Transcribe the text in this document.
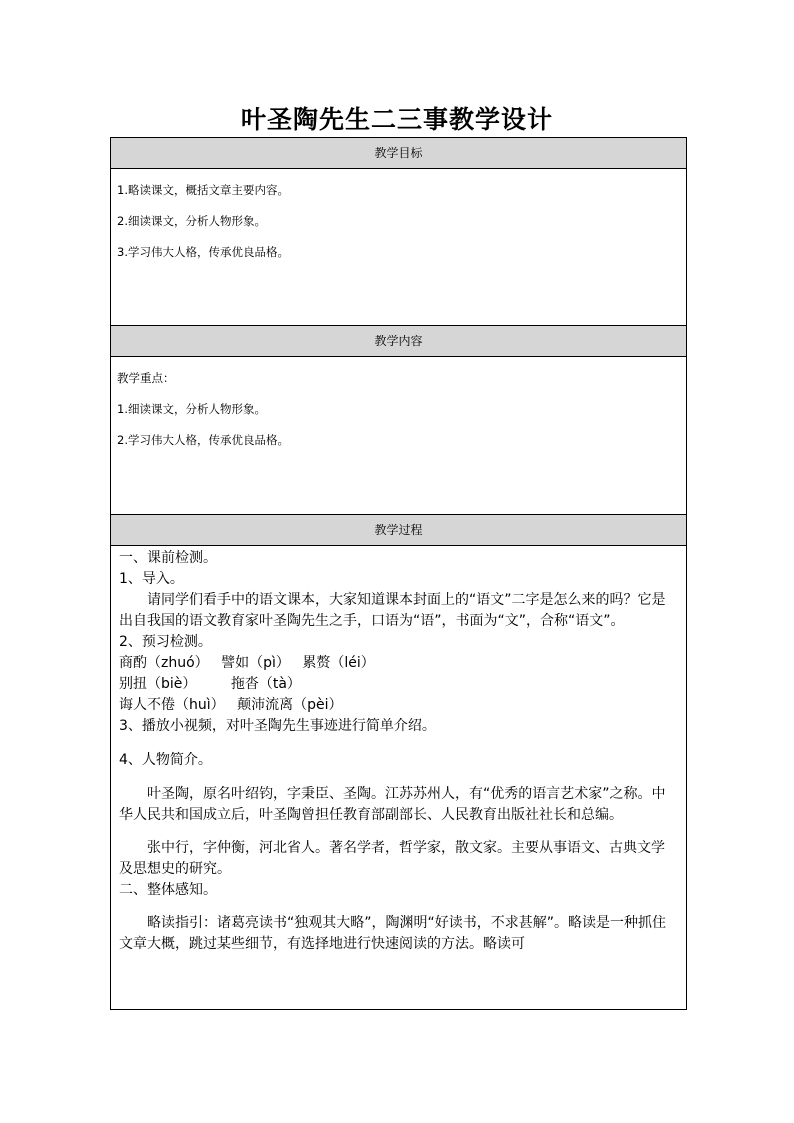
叶圣陶先生二三事教学设计
教学目标

1.略读课文，概括文章主要内容。

2.细读课文，分析人物形象。

3.学习伟大人格，传承优良品格。

教学内容

教学重点：

1.细读课文，分析人物形象。

2.学习伟大人格，传承优良品格。

教学过程

一、课前检测。

1、导入。

请同学们看手中的语文课本，大家知道课本封面上的“语文”二字是怎么来的吗？它是出自我国的语文教育家叶圣陶先生之手，口语为“语”，书面为“文”，合称“语文”。

2、预习检测。

商酌（zhuó） 譬如（pì） 累赘（léi）

别扭（biè） 拖沓（tà）

诲人不倦（huì） 颠沛流离（pèi）

3、播放小视频，对叶圣陶先生事迹进行简单介绍。

4、人物简介。

叶圣陶，原名叶绍钧，字秉臣、圣陶。江苏苏州人，有“优秀的语言艺术家”之称。中华人民共和国成立后，叶圣陶曾担任教育部副部长、人民教育出版社社长和总编。

张中行，字仲衡，河北省人。著名学者，哲学家，散文家。主要从事语文、古典文学及思想史的研究。

二、整体感知。

略读指引：诸葛亮读书“独观其大略”，陶渊明“好读书，不求甚解”。略读是一种抓住文章大概，跳过某些细节，有选择地进行快速阅读的方法。略读可
